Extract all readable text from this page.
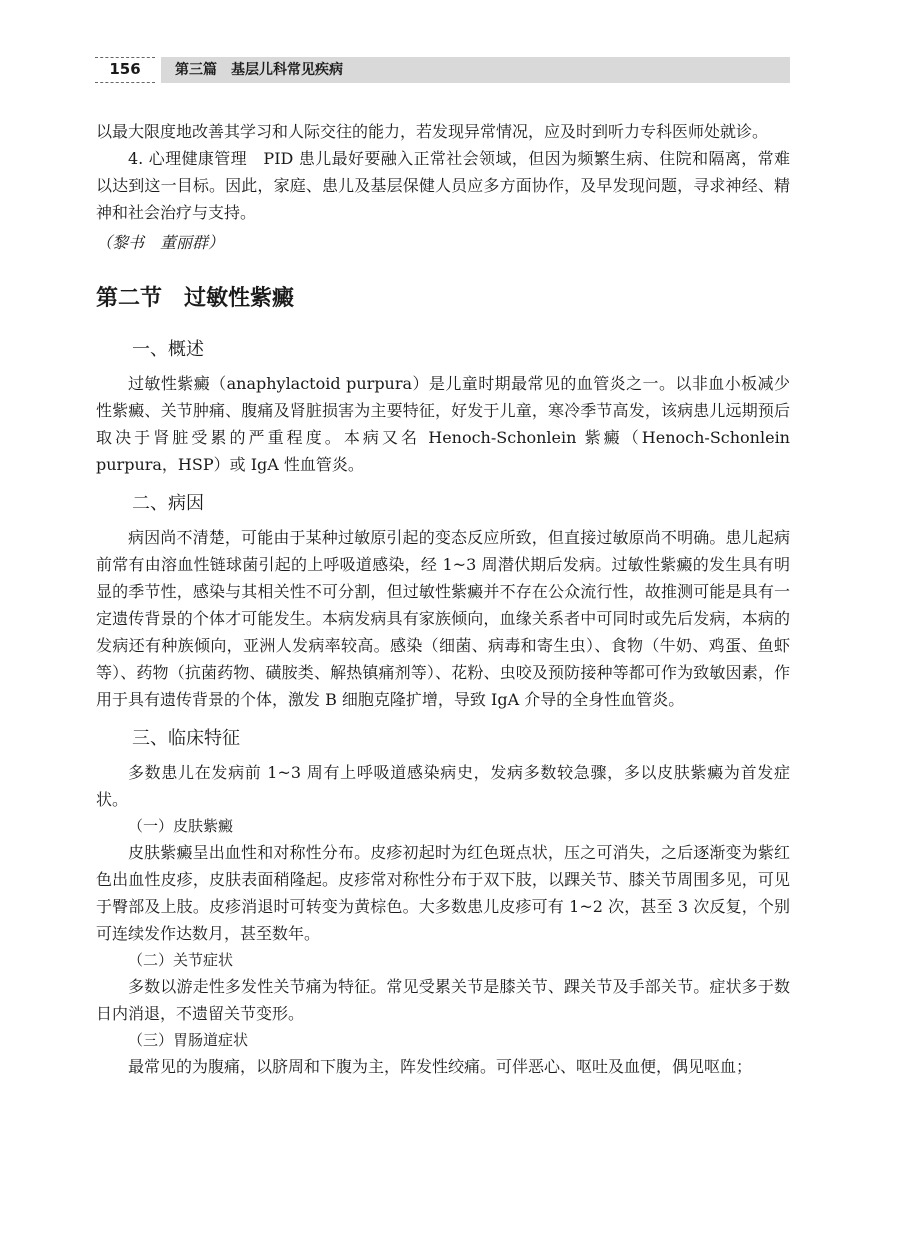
156	第三篇　基层儿科常见疾病

以最大限度地改善其学习和人际交往的能力，若发现异常情况，应及时到听力专科医师处就诊。

4. 心理健康管理　PID 患儿最好要融入正常社会领域，但因为频繁生病、住院和隔离，常难以达到这一目标。因此，家庭、患儿及基层保健人员应多方面协作，及早发现问题，寻求神经、精神和社会治疗与支持。

（黎书　董丽群）

第二节　过敏性紫癜

一、概述

过敏性紫癜（anaphylactoid purpura）是儿童时期最常见的血管炎之一。以非血小板减少性紫癜、关节肿痛、腹痛及肾脏损害为主要特征，好发于儿童，寒冷季节高发，该病患儿远期预后取决于肾脏受累的严重程度。本病又名 Henoch-Schonlein 紫癜（Henoch-Schonlein purpura，HSP）或 IgA 性血管炎。

二、病因

病因尚不清楚，可能由于某种过敏原引起的变态反应所致，但直接过敏原尚不明确。患儿起病前常有由溶血性链球菌引起的上呼吸道感染，经 1~3 周潜伏期后发病。过敏性紫癜的发生具有明显的季节性，感染与其相关性不可分割，但过敏性紫癜并不存在公众流行性，故推测可能是具有一定遗传背景的个体才可能发生。本病发病具有家族倾向，血缘关系者中可同时或先后发病，本病的发病还有种族倾向，亚洲人发病率较高。感染（细菌、病毒和寄生虫）、食物（牛奶、鸡蛋、鱼虾等）、药物（抗菌药物、磺胺类、解热镇痛剂等）、花粉、虫咬及预防接种等都可作为致敏因素，作用于具有遗传背景的个体，激发 B 细胞克隆扩增，导致 IgA 介导的全身性血管炎。

三、临床特征

多数患儿在发病前 1~3 周有上呼吸道感染病史，发病多数较急骤，多以皮肤紫癜为首发症状。

（一）皮肤紫癜

皮肤紫癜呈出血性和对称性分布。皮疹初起时为红色斑点状，压之可消失，之后逐渐变为紫红色出血性皮疹，皮肤表面稍隆起。皮疹常对称性分布于双下肢，以踝关节、膝关节周围多见，可见于臀部及上肢。皮疹消退时可转变为黄棕色。大多数患儿皮疹可有 1~2 次，甚至 3 次反复，个别可连续发作达数月，甚至数年。

（二）关节症状

多数以游走性多发性关节痛为特征。常见受累关节是膝关节、踝关节及手部关节。症状多于数日内消退，不遗留关节变形。

（三）胃肠道症状

最常见的为腹痛，以脐周和下腹为主，阵发性绞痛。可伴恶心、呕吐及血便，偶见呕血；
